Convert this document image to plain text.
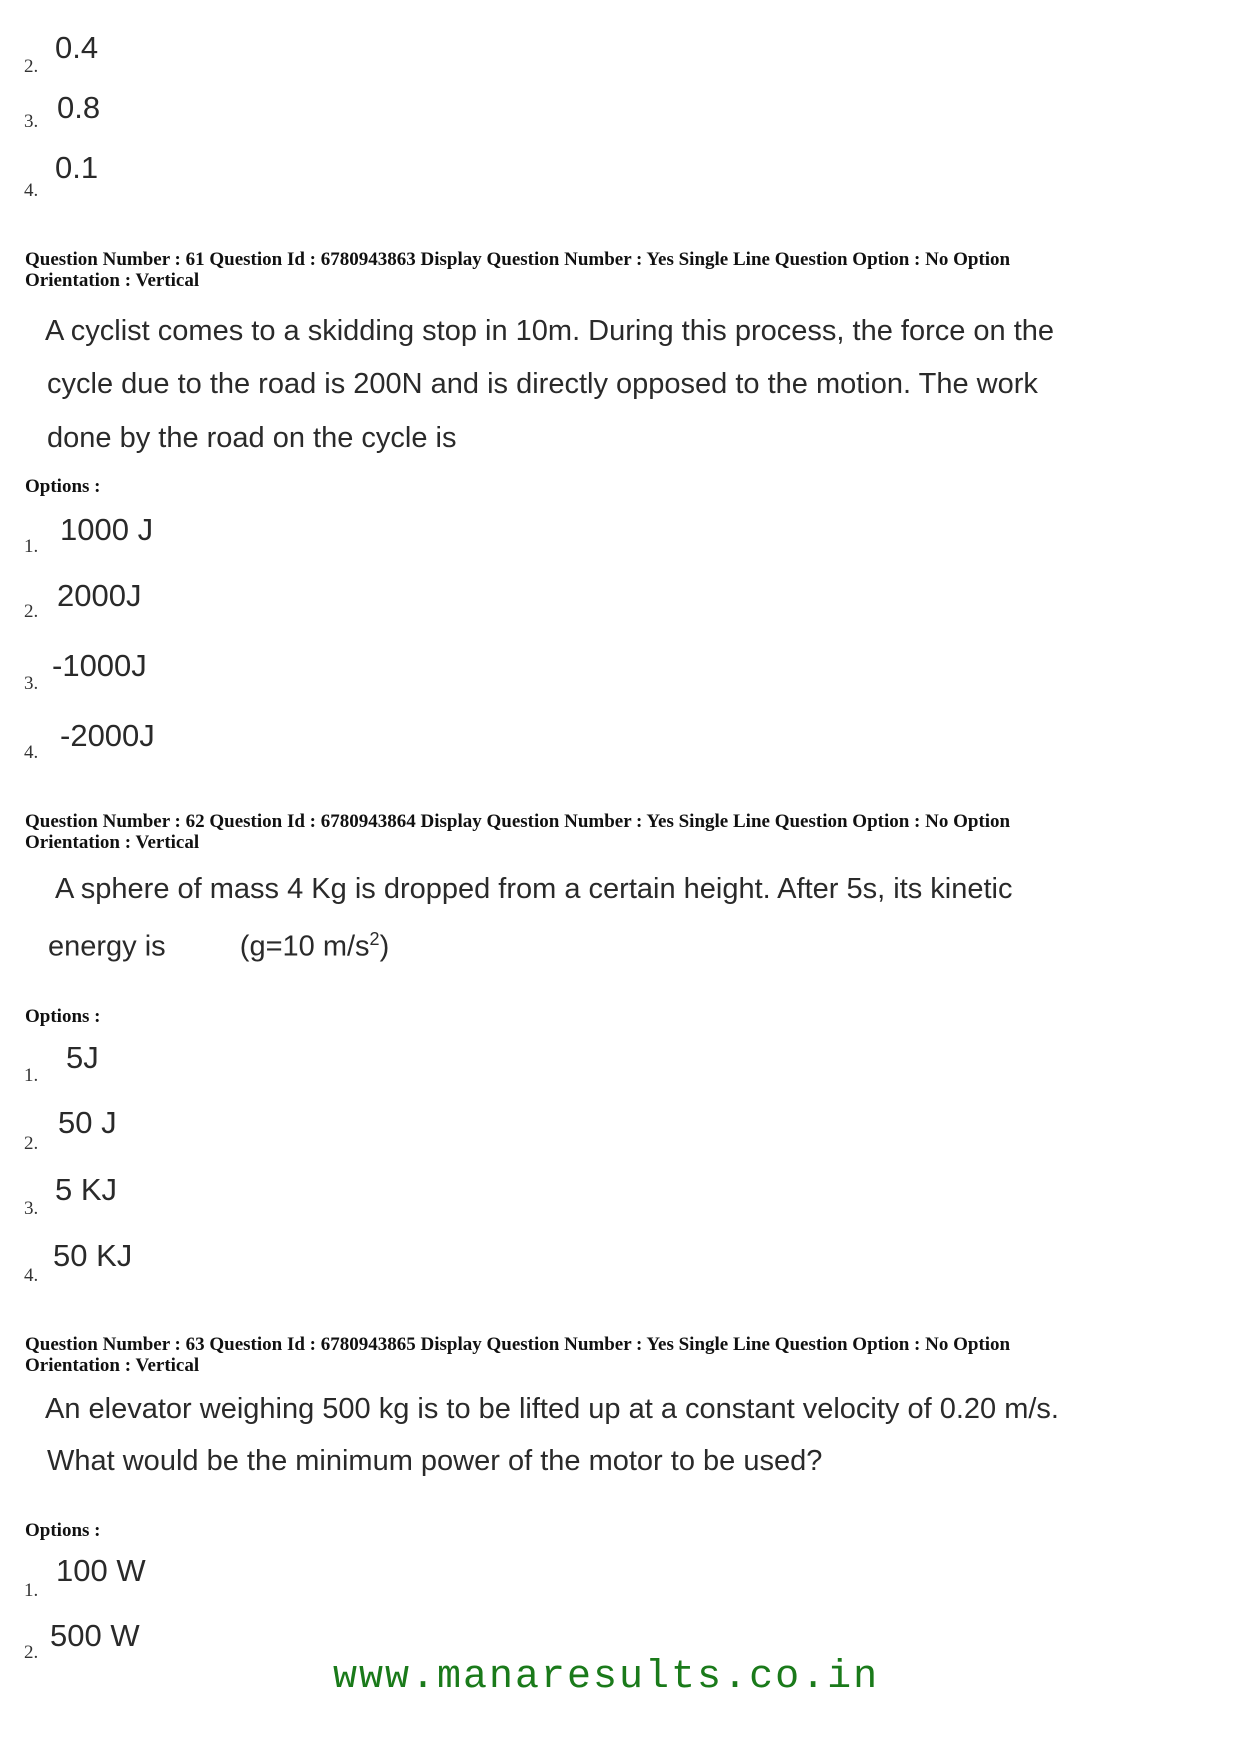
2.
0.4
3. 0.8
4.
0.1
Question Number : 61 Question Id : 6780943863 Display Question Number : Yes Single Line Question Option : No Option
Orientation : Vertical
A cyclist comes to a skidding stop in 10m. During this process, the force on the
cycle due to the road is 200N and is directly opposed to the motion. The work
done by the road on the cycle is
Options :
1. 1000 J
2. 2000J
3.
-1000J
4. -2000J
Question Number : 62 Question Id : 6780943864 Display Question Number : Yes Single Line Question Option : No Option
Orientation : Vertical
A sphere of mass 4 Kg is dropped from a certain height. After 5s, its kinetic
energy is	(g=10 $m/s^2$)
Options :
1.
5J
2.
50 J
3.
5 KJ
4.
50 KJ
Question Number : 63 Question Id : 6780943865 Display Question Number : Yes Single Line Question Option : No Option
Orientation : Vertical
An elevator weighing 500 kg is to be lifted up at a constant velocity of 0.20 m/s.
What would be the minimum power of the motor to be used?
Options :
1.
100 W
2. 500 W
www.manaresults.co.in
